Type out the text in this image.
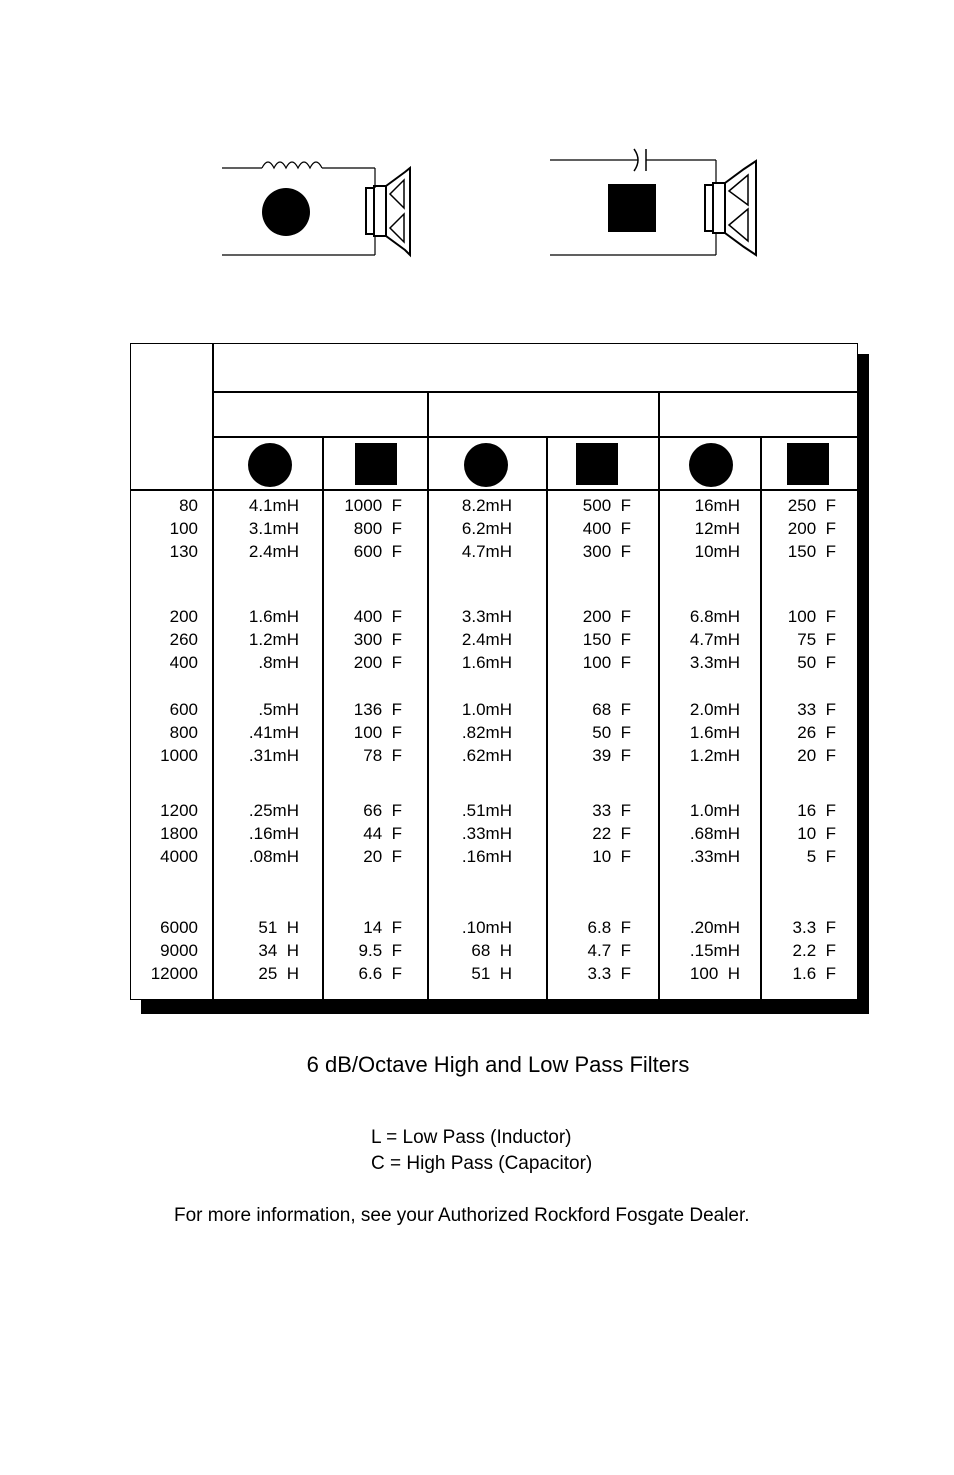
80	4.1mH	1000  F	8.2mH	500  F	16mH	250  F
100	3.1mH	800  F	6.2mH	400  F	12mH	200  F
130	2.4mH	600  F	4.7mH	300  F	10mH	150  F
200	1.6mH	400  F	3.3mH	200  F	6.8mH	100  F
260	1.2mH	300  F	2.4mH	150  F	4.7mH	75  F
400	.8mH	200  F	1.6mH	100  F	3.3mH	50  F
600	.5mH	136  F	1.0mH	68  F	2.0mH	33  F
800	.41mH	100  F	.82mH	50  F	1.6mH	26  F
1000	.31mH	78  F	.62mH	39  F	1.2mH	20  F
1200	.25mH	66  F	.51mH	33  F	1.0mH	16  F
1800	.16mH	44  F	.33mH	22  F	.68mH	10  F
4000	.08mH	20  F	.16mH	10  F	.33mH	5  F
6000	51  H	14  F	.10mH	6.8  F	.20mH	3.3  F
9000	34  H	9.5  F	68  H	4.7  F	.15mH	2.2  F
12000	25  H	6.6  F	51  H	3.3  F	100  H	1.6  F
6 dB/Octave High and Low Pass Filters
L = Low Pass (Inductor)
C = High Pass (Capacitor)
For more information, see your Authorized Rockford Fosgate Dealer.
